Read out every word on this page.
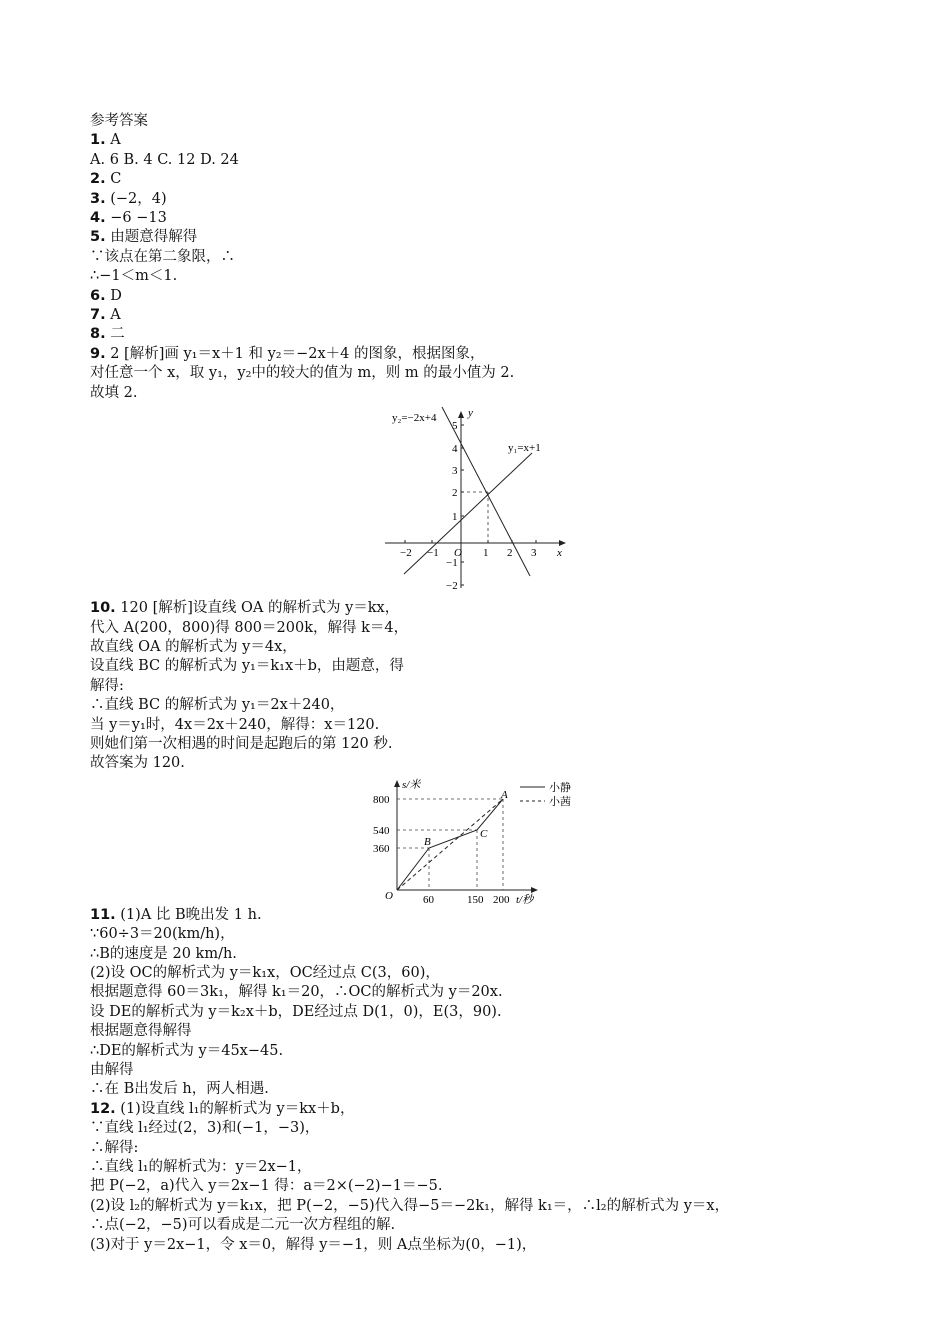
参考答案
1. A
A. 6 B. 4 C. 12 D. 24
2. C
3. (−2，4)
4. −6 −13
5. 由题意得解得
∵该点在第二象限，∴
∴−1＜m＜1.
6. D
7. A
8. 二
9. 2 [解析]画 y₁＝x＋1 和 y₂＝−2x＋4 的图象，根据图象，
对任意一个 x，取 y₁，y₂中的较大的值为 m，则 m 的最小值为 2.
故填 2.
y₂=−2x+4
y₁=x+1
x
y
O
−2 −1	1 2 3
5
4
3
2
1
−1
−2
10. 120 [解析]设直线 OA 的解析式为 y＝kx，
代入 A(200，800)得 800＝200k，解得 k＝4，
故直线 OA 的解析式为 y＝4x，
设直线 BC 的解析式为 y₁＝k₁x＋b，由题意，得
解得:
∴直线 BC 的解析式为 y₁＝2x＋240，
当 y＝y₁时，4x＝2x＋240，解得：x＝120.
则她们第一次相遇的时间是起跑后的第 120 秒.
故答案为 120.
小静
小茜
s/米
t/秒
O
A
B
C
800
540
360
60	150 200
11. (1)A 比 B晚出发 1 h.
∵60÷3＝20(km/h)，
∴B的速度是 20 km/h.
(2)设 OC的解析式为 y＝k₁x，OC经过点 C(3，60)，
根据题意得 60＝3k₁，解得 k₁＝20，∴OC的解析式为 y＝20x.
设 DE的解析式为 y＝k₂x＋b，DE经过点 D(1，0)，E(3，90).
根据题意得解得
∴DE的解析式为 y＝45x−45.
由解得
∴在 B出发后 h，两人相遇.
12. (1)设直线 l₁的解析式为 y＝kx＋b，
∵直线 l₁经过(2，3)和(−1，−3)，
∴解得:
∴直线 l₁的解析式为：y＝2x−1，
把 P(−2，a)代入 y＝2x−1 得：a＝2×(−2)−1＝−5.
(2)设 l₂的解析式为 y＝k₁x，把 P(−2，−5)代入得−5＝−2k₁，解得 k₁＝，∴l₂的解析式为 y＝x，
∴点(−2，−5)可以看成是二元一次方程组的解.
(3)对于 y＝2x−1，令 x＝0，解得 y＝−1，则 A点坐标为(0，−1)，
